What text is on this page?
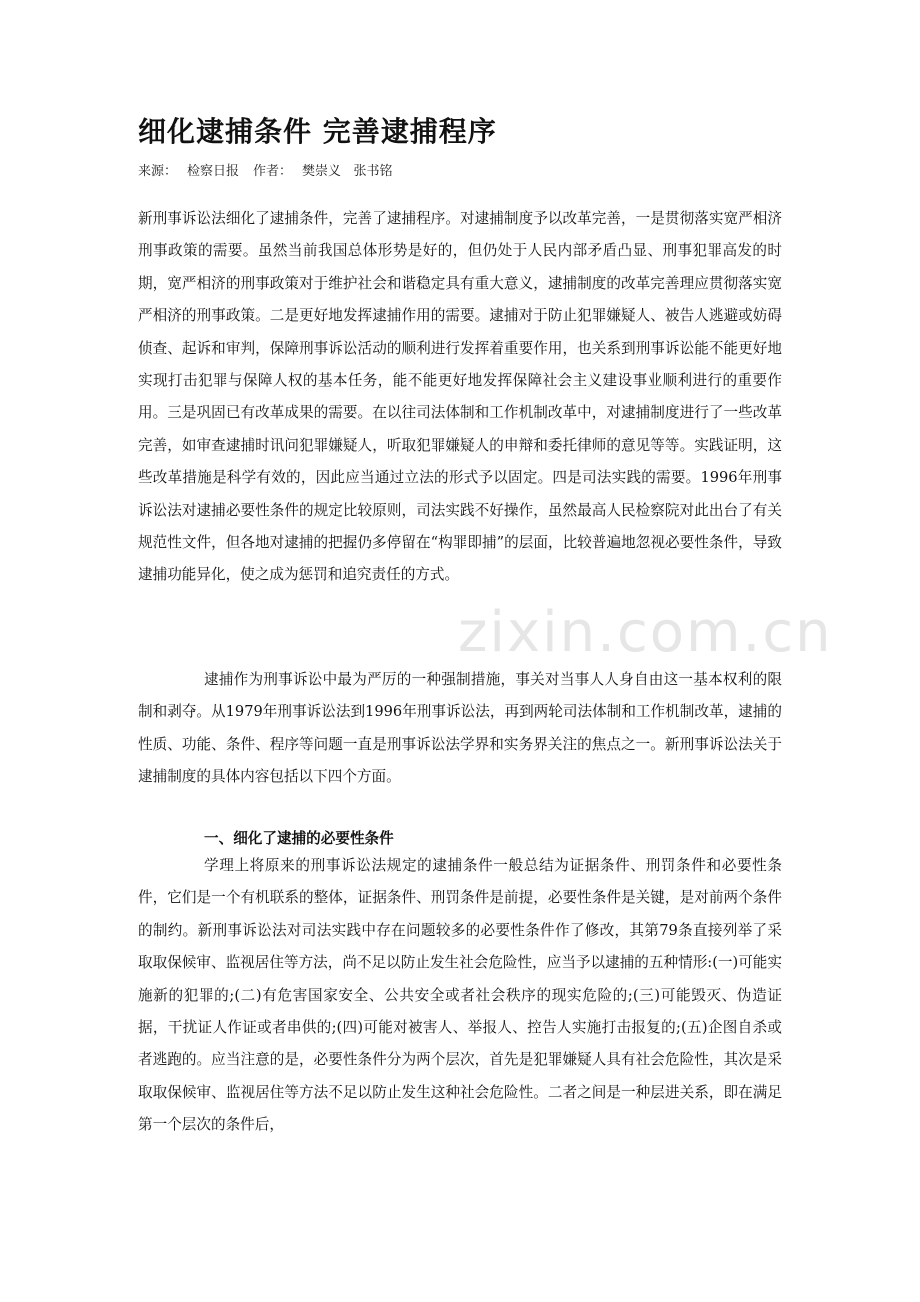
zixin.com.cn
细化逮捕条件 完善逮捕程序
来源： 检察日报 作者： 樊崇义   张书铭

新刑事诉讼法细化了逮捕条件，完善了逮捕程序。对逮捕制度予以改革完善，一是贯彻落实宽严相济刑事政策的需要。虽然当前我国总体形势是好的，但仍处于人民内部矛盾凸显、刑事犯罪高发的时期，宽严相济的刑事政策对于维护社会和谐稳定具有重大意义，逮捕制度的改革完善理应贯彻落实宽严相济的刑事政策。二是更好地发挥逮捕作用的需要。逮捕对于防止犯罪嫌疑人、被告人逃避或妨碍侦查、起诉和审判，保障刑事诉讼活动的顺利进行发挥着重要作用，也关系到刑事诉讼能不能更好地实现打击犯罪与保障人权的基本任务，能不能更好地发挥保障社会主义建设事业顺利进行的重要作用。三是巩固已有改革成果的需要。在以往司法体制和工作机制改革中，对逮捕制度进行了一些改革完善，如审查逮捕时讯问犯罪嫌疑人，听取犯罪嫌疑人的申辩和委托律师的意见等等。实践证明，这些改革措施是科学有效的，因此应当通过立法的形式予以固定。四是司法实践的需要。1996年刑事诉讼法对逮捕必要性条件的规定比较原则，司法实践不好操作，虽然最高人民检察院对此出台了有关规范性文件，但各地对逮捕的把握仍多停留在“构罪即捕”的层面，比较普遍地忽视必要性条件，导致逮捕功能异化，使之成为惩罚和追究责任的方式。

逮捕作为刑事诉讼中最为严厉的一种强制措施，事关对当事人人身自由这一基本权利的限制和剥夺。从1979年刑事诉讼法到1996年刑事诉讼法，再到两轮司法体制和工作机制改革，逮捕的性质、功能、条件、程序等问题一直是刑事诉讼法学界和实务界关注的焦点之一。新刑事诉讼法关于逮捕制度的具体内容包括以下四个方面。

一、细化了逮捕的必要性条件

学理上将原来的刑事诉讼法规定的逮捕条件一般总结为证据条件、刑罚条件和必要性条件，它们是一个有机联系的整体，证据条件、刑罚条件是前提，必要性条件是关键，是对前两个条件的制约。新刑事诉讼法对司法实践中存在问题较多的必要性条件作了修改，其第79条直接列举了采取取保候审、监视居住等方法，尚不足以防止发生社会危险性，应当予以逮捕的五种情形:(一)可能实施新的犯罪的;(二)有危害国家安全、公共安全或者社会秩序的现实危险的;(三)可能毁灭、伪造证据，干扰证人作证或者串供的;(四)可能对被害人、举报人、控告人实施打击报复的;(五)企图自杀或者逃跑的。应当注意的是，必要性条件分为两个层次，首先是犯罪嫌疑人具有社会危险性，其次是采取取保候审、监视居住等方法不足以防止发生这种社会危险性。二者之间是一种层进关系，即在满足第一个层次的条件后，
